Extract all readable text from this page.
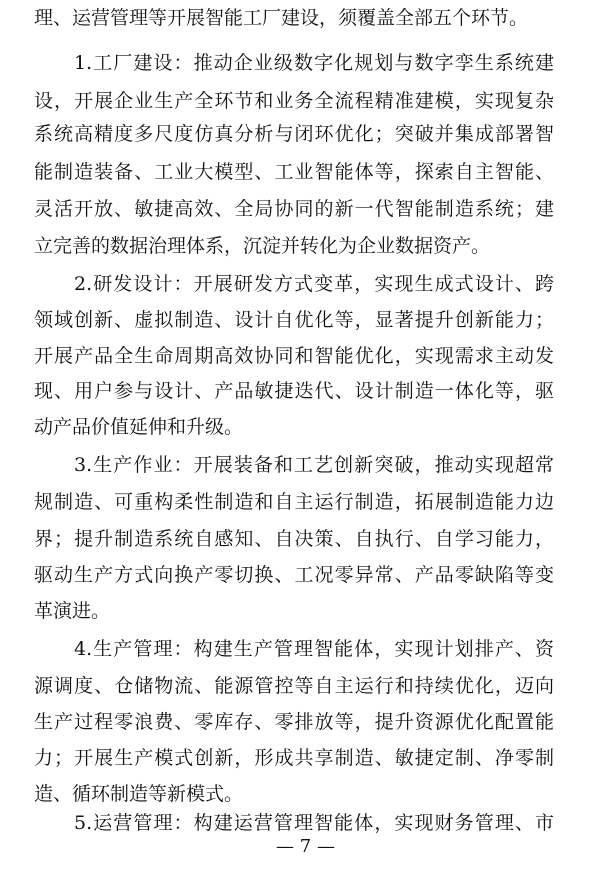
理、运营管理等开展智能工厂建设，须覆盖全部五个环节。
1.工厂建设：推动企业级数字化规划与数字孪生系统建
设，开展企业生产全环节和业务全流程精准建模，实现复杂
系统高精度多尺度仿真分析与闭环优化；突破并集成部署智
能制造装备、工业大模型、工业智能体等，探索自主智能、
灵活开放、敏捷高效、全局协同的新一代智能制造系统；建
立完善的数据治理体系，沉淀并转化为企业数据资产。
2.研发设计：开展研发方式变革，实现生成式设计、跨
领域创新、虚拟制造、设计自优化等，显著提升创新能力；
开展产品全生命周期高效协同和智能优化，实现需求主动发
现、用户参与设计、产品敏捷迭代、设计制造一体化等，驱
动产品价值延伸和升级。
3.生产作业：开展装备和工艺创新突破，推动实现超常
规制造、可重构柔性制造和自主运行制造，拓展制造能力边
界；提升制造系统自感知、自决策、自执行、自学习能力，
驱动生产方式向换产零切换、工况零异常、产品零缺陷等变
革演进。
4.生产管理：构建生产管理智能体，实现计划排产、资
源调度、仓储物流、能源管控等自主运行和持续优化，迈向
生产过程零浪费、零库存、零排放等，提升资源优化配置能
力；开展生产模式创新，形成共享制造、敏捷定制、净零制
造、循环制造等新模式。
5.运营管理：构建运营管理智能体，实现财务管理、市
— 7 —
